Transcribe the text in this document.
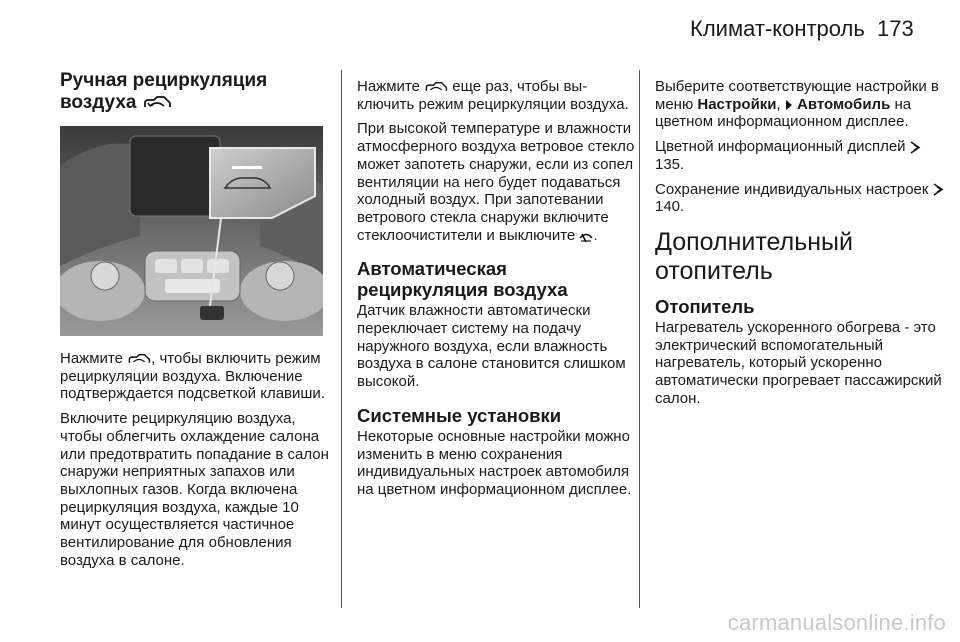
Климат-контроль 173
Ручная рециркуляция воздуха

Нажмите , чтобы включить режим рециркуляции воздуха. Включение подтверждается подсветкой клавиши.

Включите рециркуляцию воздуха, чтобы облегчить охлаждение салона или предотвратить попадание в салон снаружи неприятных запахов или выхлопных газов. Когда включена рециркуляция воздуха, каждые 10 минут осуществляется частичное вентилирование для обновления воздуха в салоне.

Нажмите  еще раз, чтобы выключить режим рециркуляции воздуха.

При высокой температуре и влажности атмосферного воздуха ветровое стекло может запотеть снаружи, если из сопел вентиляции на него будет подаваться холодный воздух. При запотевании ветрового стекла снаружи включите стеклоочистители и выключите .

Автоматическая рециркуляция воздуха

Датчик влажности автоматически переключает систему на подачу наружного воздуха, если влажность воздуха в салоне становится слишком высокой.

Системные установки

Некоторые основные настройки можно изменить в меню сохранения индивидуальных настроек автомобиля на цветном информационном дисплее.

Выберите соответствующие настройки в меню Настройки, Автомобиль на цветном информационном дисплее.

Цветной информационный дисплей  135.

Сохранение индивидуальных настроек  140.

Дополнительный отопитель
Отопитель

Нагреватель ускоренного обогрева - это электрический вспомогательный нагреватель, который ускоренно автоматически прогревает пассажирский салон.

carmanualsonline.info
